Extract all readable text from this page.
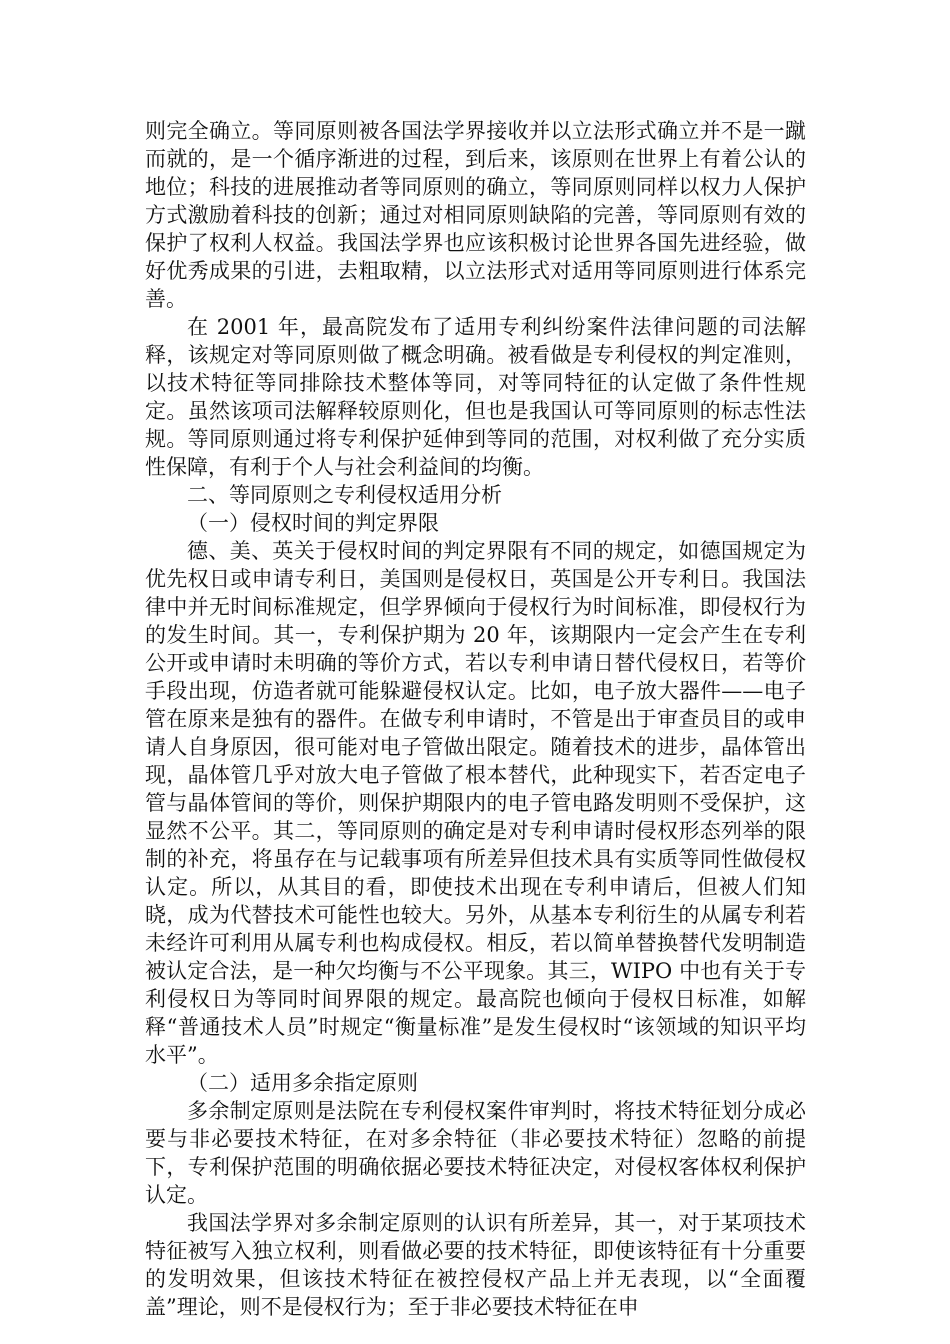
则完全确立。等同原则被各国法学界接收并以立法形式确立并不是一蹴而就的，是一个循序渐进的过程，到后来，该原则在世界上有着公认的地位；科技的进展推动者等同原则的确立，等同原则同样以权力人保护方式激励着科技的创新；通过对相同原则缺陷的完善，等同原则有效的保护了权利人权益。我国法学界也应该积极讨论世界各国先进经验，做好优秀成果的引进，去粗取精，以立法形式对适用等同原则进行体系完善。

在 2001 年，最高院发布了适用专利纠纷案件法律问题的司法解释，该规定对等同原则做了概念明确。被看做是专利侵权的判定准则，以技术特征等同排除技术整体等同，对等同特征的认定做了条件性规定。虽然该项司法解释较原则化，但也是我国认可等同原则的标志性法规。等同原则通过将专利保护延伸到等同的范围，对权利做了充分实质性保障，有利于个人与社会利益间的均衡。

二、等同原则之专利侵权适用分析

（一）侵权时间的判定界限

德、美、英关于侵权时间的判定界限有不同的规定，如德国规定为优先权日或申请专利日，美国则是侵权日，英国是公开专利日。我国法律中并无时间标准规定，但学界倾向于侵权行为时间标准，即侵权行为的发生时间。其一，专利保护期为 20 年，该期限内一定会产生在专利公开或申请时未明确的等价方式，若以专利申请日替代侵权日，若等价手段出现，仿造者就可能躲避侵权认定。比如，电子放大器件——电子管在原来是独有的器件。在做专利申请时，不管是出于审查员目的或申请人自身原因，很可能对电子管做出限定。随着技术的进步，晶体管出现，晶体管几乎对放大电子管做了根本替代，此种现实下，若否定电子管与晶体管间的等价，则保护期限内的电子管电路发明则不受保护，这显然不公平。其二，等同原则的确定是对专利申请时侵权形态列举的限制的补充，将虽存在与记载事项有所差异但技术具有实质等同性做侵权认定。所以，从其目的看，即使技术出现在专利申请后，但被人们知晓，成为代替技术可能性也较大。另外，从基本专利衍生的从属专利若未经许可利用从属专利也构成侵权。相反，若以简单替换替代发明制造被认定合法，是一种欠均衡与不公平现象。其三，WIPO 中也有关于专利侵权日为等同时间界限的规定。最高院也倾向于侵权日标准，如解释“普通技术人员”时规定“衡量标准”是发生侵权时“该领域的知识平均水平”。

（二）适用多余指定原则

多余制定原则是法院在专利侵权案件审判时，将技术特征划分成必要与非必要技术特征，在对多余特征（非必要技术特征）忽略的前提下，专利保护范围的明确依据必要技术特征决定，对侵权客体权利保护认定。

我国法学界对多余制定原则的认识有所差异，其一，对于某项技术特征被写入独立权利，则看做必要的技术特征，即使该特征有十分重要的发明效果，但该技术特征在被控侵权产品上并无表现，以“全面覆盖”理论，则不是侵权行为；至于非必要技术特征在申
